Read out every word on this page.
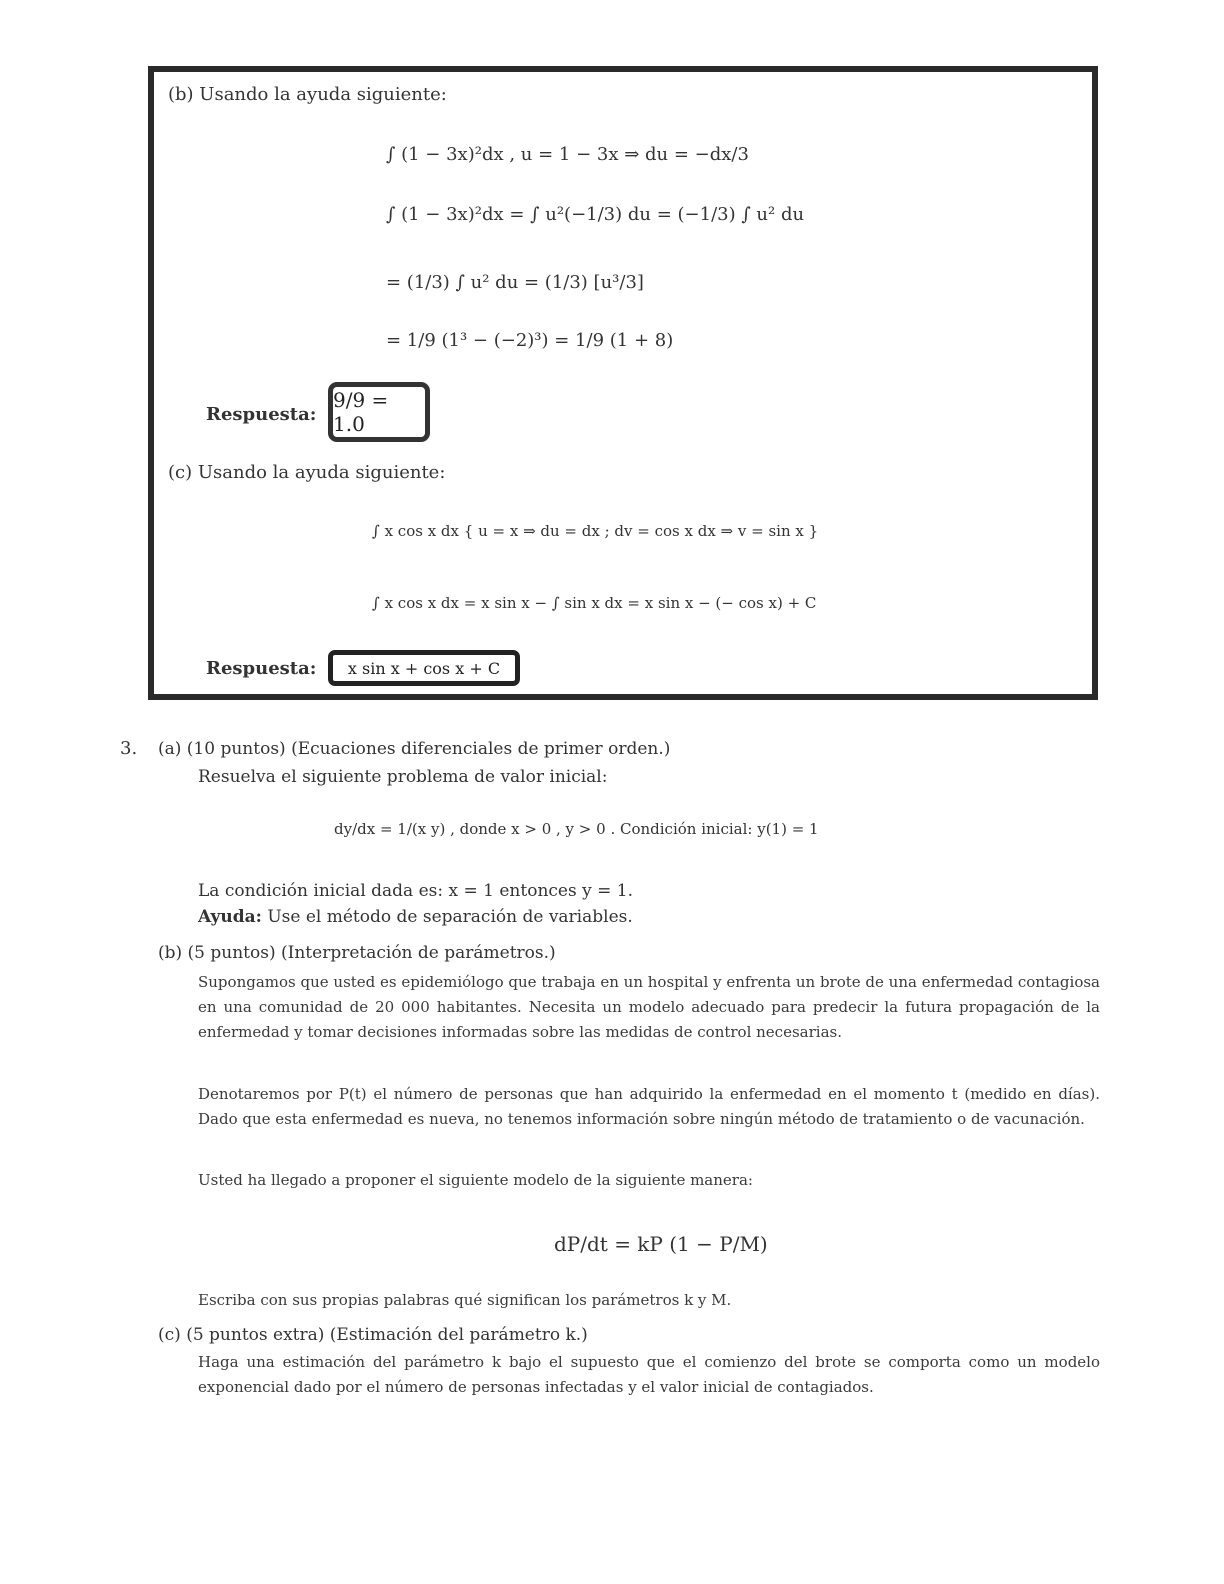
(b) Usando la ayuda siguiente:
∫ (1 − 3x)²dx , u = 1 − 3x ⇒ du = −dx/3
∫ (1 − 3x)²dx = ∫ u²(−1/3) du = (−1/3) ∫ u² du
= (1/3) ∫ u² du = (1/3) [u³/3]
= 1/9 (1³ − (−2)³) = 1/9 (1 + 8)
Respuesta:
9/9 = 1.0
(c) Usando la ayuda siguiente:
∫ x cos x dx { u = x ⇒ du = dx ; dv = cos x dx ⇒ v = sin x }
∫ x cos x dx = x sin x − ∫ sin x dx = x sin x − (− cos x) + C
Respuesta: x sin x + cos x + C
3. (a) (10 puntos) (Ecuaciones diferenciales de primer orden.)
Resuelva el siguiente problema de valor inicial:
dy/dx = 1/(x y) , donde x > 0 , y > 0 . Condición inicial: y(1) = 1
La condición inicial dada es: x = 1 entonces y = 1.
Ayuda: Use el método de separación de variables.
(b) (5 puntos) (Interpretación de parámetros.)
Supongamos que usted es epidemiólogo que trabaja en un hospital y enfrenta un brote de una enfermedad contagiosa en una comunidad de 20 000 habitantes. Necesita un modelo adecuado para predecir la futura propagación de la enfermedad y tomar decisiones informadas sobre las medidas de control necesarias.
Denotaremos por P(t) el número de personas que han adquirido la enfermedad en el momento t (medido en días). Dado que esta enfermedad es nueva, no tenemos información sobre ningún método de tratamiento o de vacunación.
Usted ha llegado a proponer el siguiente modelo de la siguiente manera:
dP/dt = kP (1 − P/M)
Escriba con sus propias palabras qué significan los parámetros k y M.
(c) (5 puntos extra) (Estimación del parámetro k.)
Haga una estimación del parámetro k bajo el supuesto que el comienzo del brote se comporta como un modelo exponencial dado por el número de personas infectadas y el valor inicial de contagiados.
